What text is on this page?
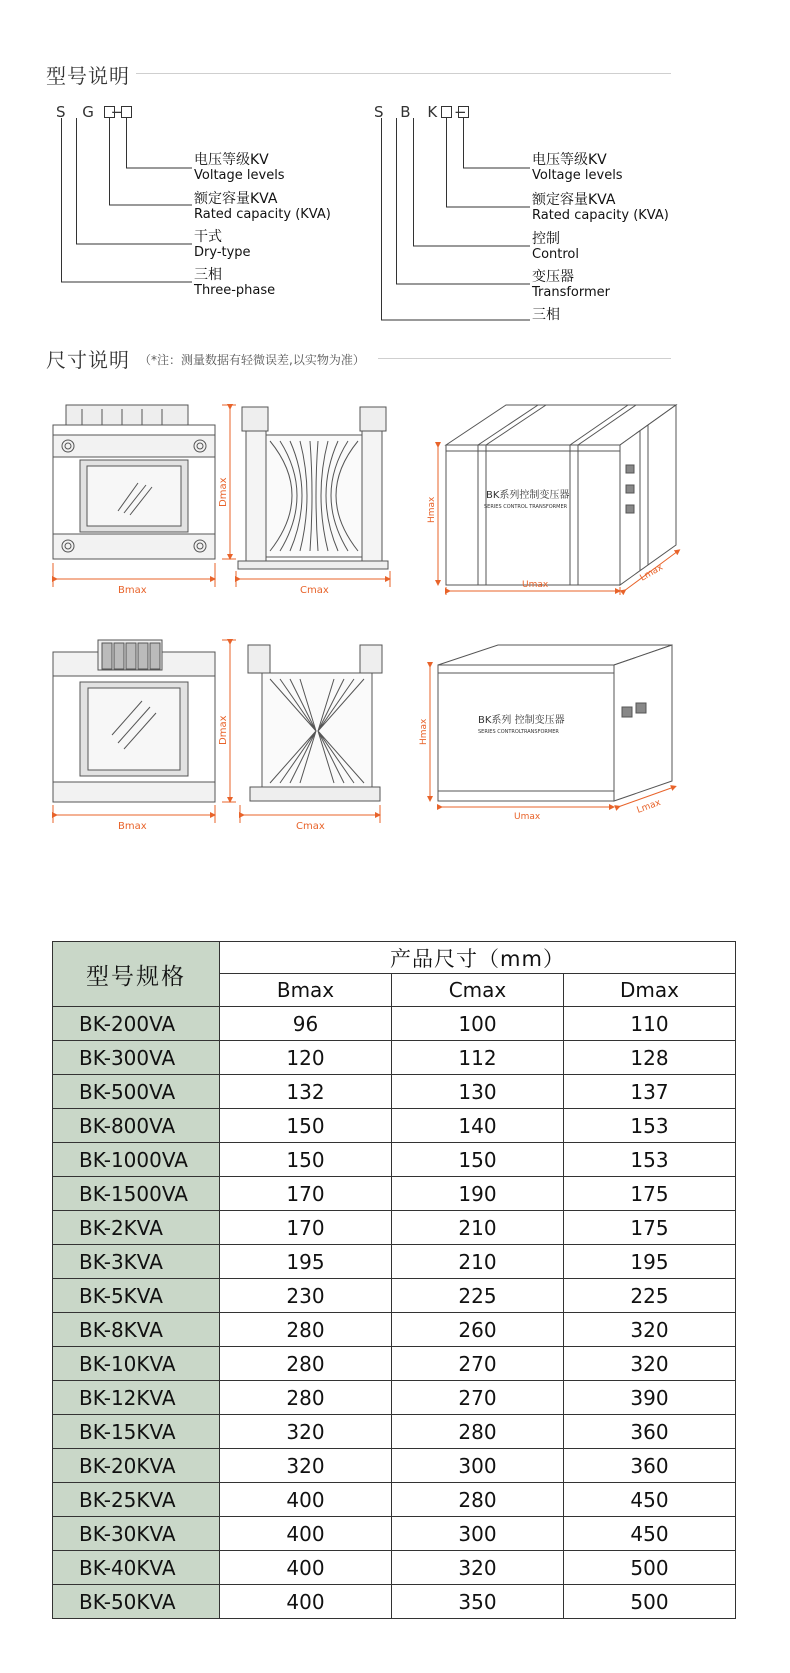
型号说明
S G −	S B K −
电压等级KV
Voltage levels
额定容量KVA
Rated capacity (KVA)
干式
Dry-type
三相
Three-phase
电压等级KV
Voltage levels
额定容量KVA
Rated capacity (KVA)
控制
Control
变压器
Transformer
三相
尺寸说明 （*注：测量数据有轻微误差,以实物为准）
Bmax
Dmax
Cmax
BK系列控制变压器
SERIES CONTROL TRANSFORMER
Umax
Hmax
Lmax
Bmax
Dmax
Cmax
BK系列 控制变压器
SERIES CONTROLTRANSFORMER
Umax
Hmax
Lmax
型号规格	产品尺寸（mm）		
	Bmax	Cmax	Dmax
BK-200VA	96	100	110
BK-300VA	120	112	128
BK-500VA	132	130	137
BK-800VA	150	140	153
BK-1000VA	150	150	153
BK-1500VA	170	190	175
BK-2KVA	170	210	175
BK-3KVA	195	210	195
BK-5KVA	230	225	225
BK-8KVA	280	260	320
BK-10KVA	280	270	320
BK-12KVA	280	270	390
BK-15KVA	320	280	360
BK-20KVA	320	300	360
BK-25KVA	400	280	450
BK-30KVA	400	300	450
BK-40KVA	400	320	500
BK-50KVA	400	350	500
